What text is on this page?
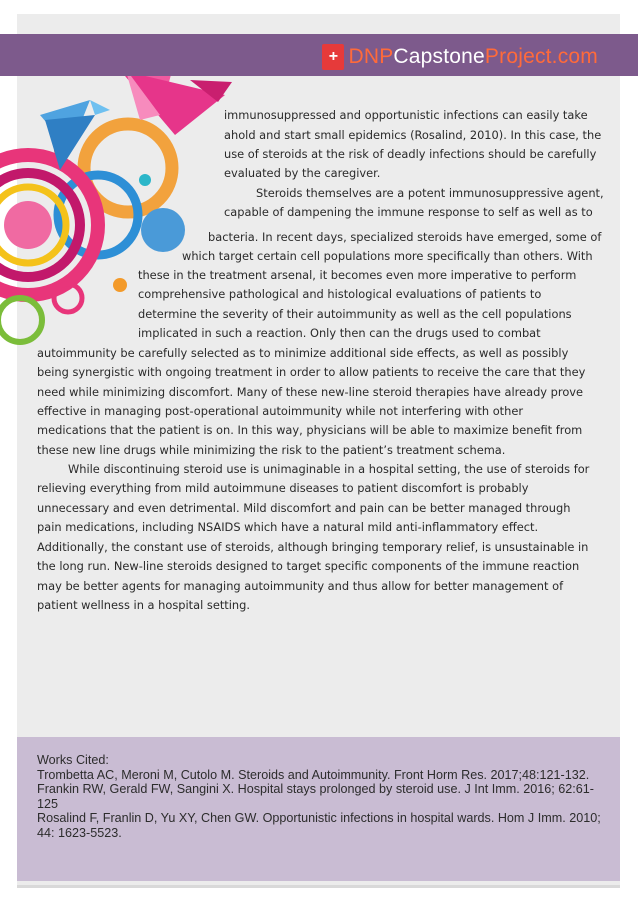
+ DNPCapstoneProject.com
immunosuppressed and opportunistic infections can easily take
ahold and start small epidemics (Rosalind, 2010). In this case, the
use of steroids at the risk of deadly infections should be carefully
evaluated by the caregiver.
Steroids themselves are a potent immunosuppressive agent,
capable of dampening the immune response to self as well as to
bacteria. In recent days, specialized steroids have emerged, some of
which target certain cell populations more specifically than others. With
these in the treatment arsenal, it becomes even more imperative to perform
comprehensive pathological and histological evaluations of patients to
determine the severity of their autoimmunity as well as the cell populations
implicated in such a reaction. Only then can the drugs used to combat
autoimmunity be carefully selected as to minimize additional side effects, as well as possibly
being synergistic with ongoing treatment in order to allow patients to receive the care that they
need while minimizing discomfort. Many of these new-line steroid therapies have already prove
effective in managing post-operational autoimmunity while not interfering with other
medications that the patient is on. In this way, physicians will be able to maximize benefit from
these new line drugs while minimizing the risk to the patient’s treatment schema.
While discontinuing steroid use is unimaginable in a hospital setting, the use of steroids for
relieving everything from mild autoimmune diseases to patient discomfort is probably
unnecessary and even detrimental. Mild discomfort and pain can be better managed through
pain medications, including NSAIDS which have a natural mild anti-inflammatory effect.
Additionally, the constant use of steroids, although bringing temporary relief, is unsustainable in
the long run. New-line steroids designed to target specific components of the immune reaction
may be better agents for managing autoimmunity and thus allow for better management of
patient wellness in a hospital setting.
Works Cited:
Trombetta AC, Meroni M, Cutolo M. Steroids and Autoimmunity. Front Horm Res. 2017;48:121-132.
Frankin RW, Gerald FW, Sangini X. Hospital stays prolonged by steroid use. J Int Imm. 2016; 62:61-125
Rosalind F, Franlin D, Yu XY, Chen GW. Opportunistic infections in hospital wards. Hom J Imm. 2010; 44: 1623-5523.
